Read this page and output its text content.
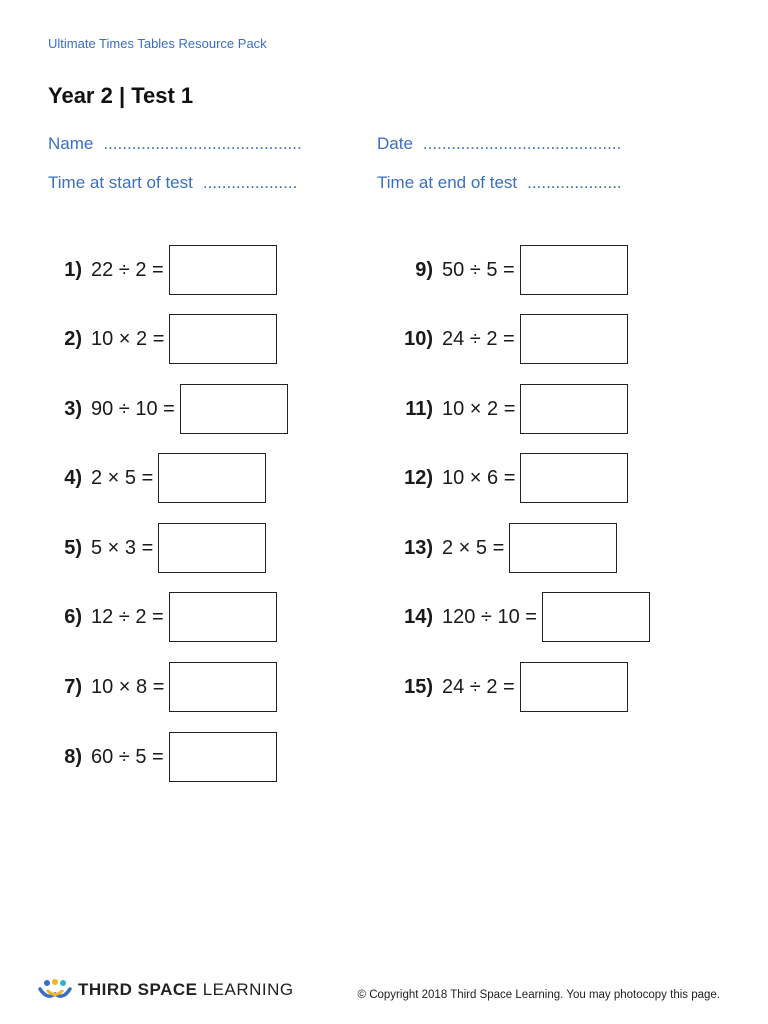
Ultimate Times Tables Resource Pack
Year 2 | Test 1
Name ..........................................	Date ..........................................
Time at start of test ....................	Time at end of test ....................
1) 22 ÷ 2 =
2) 10 × 2 =
3) 90 ÷ 10 =
4) 2 × 5 =
5) 5 × 3 =
6) 12 ÷ 2 =
7) 10 × 8 =
8) 60 ÷ 5 =
9) 50 ÷ 5 =
10) 24 ÷ 2 =
11) 10 × 2 =
12) 10 × 6 =
13) 2 × 5 =
14) 120 ÷ 10 =
15) 24 ÷ 2 =
THIRD SPACE LEARNING	© Copyright 2018 Third Space Learning. You may photocopy this page.
